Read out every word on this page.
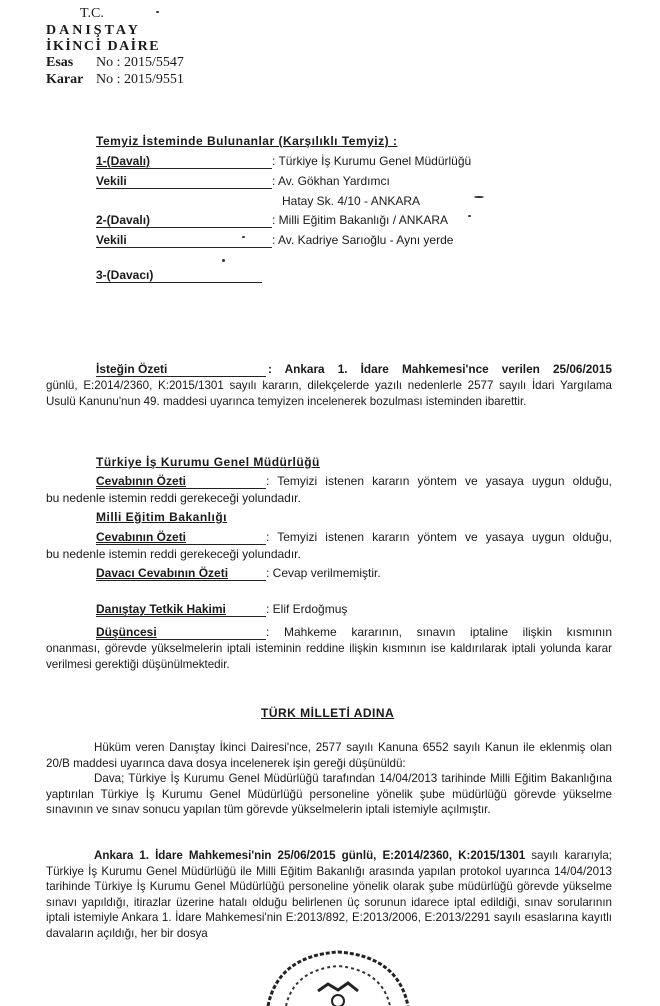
T.C.
DANIŞTAY
İKİNCİ DAİRE
Esas No : 2015/5547
Karar No : 2015/9551
Temyiz İsteminde Bulunanlar (Karşılıklı Temyiz) :
1-(Davalı)	: Türkiye İş Kurumu Genel Müdürlüğü
Vekili	: Av. Gökhan Yardımcı
Hatay Sk. 4/10 - ANKARA
2-(Davalı)	: Milli Eğitim Bakanlığı / ANKARA
Vekili	: Av. Kadriye Sarıoğlu - Aynı yerde
3-(Davacı)
İsteğin Özeti	: Ankara 1. İdare Mahkemesi'nce verilen 25/06/2015
günlü, E:2014/2360, K:2015/1301 sayılı kararın, dilekçelerde yazılı nedenlerle 2577 sayılı İdari Yargılama Usulü Kanunu'nun 49. maddesi uyarınca temyizen incelenerek bozulması isteminden ibarettir.
Türkiye İş Kurumu Genel Müdürlüğü
Cevabının Özeti	: Temyizi istenen kararın yöntem ve yasaya uygun olduğu,
bu nedenle istemin reddi gerekeceği yolundadır.
Milli Eğitim Bakanlığı
Cevabının Özeti	: Temyizi istenen kararın yöntem ve yasaya uygun olduğu,
bu nedenle istemin reddi gerekeceği yolundadır.
Davacı Cevabının Özeti	: Cevap verilmemiştir.
Danıştay Tetkik Hakimi	: Elif Erdoğmuş
Düşüncesi	: Mahkeme kararının, sınavın iptaline ilişkin kısmının
onanması, görevde yükselmelerin iptali isteminin reddine ilişkin kısmının ise kaldırılarak iptali yolunda karar verilmesi gerektiği düşünülmektedir.
TÜRK MİLLETİ ADINA
Hüküm veren Danıştay İkinci Dairesi'nce, 2577 sayılı Kanuna 6552 sayılı Kanun ile eklenmiş olan 20/B maddesi uyarınca dava dosya incelenerek işin gereği düşünüldü:
Dava; Türkiye İş Kurumu Genel Müdürlüğü tarafından 14/04/2013 tarihinde Milli Eğitim Bakanlığına yaptırılan Türkiye İş Kurumu Genel Müdürlüğü personeline yönelik şube müdürlüğü görevde yükselme sınavının ve sınav sonucu yapılan tüm görevde yükselmelerin iptali istemiyle açılmıştır.
Ankara 1. İdare Mahkemesi'nin 25/06/2015 günlü, E:2014/2360, K:2015/1301 sayılı kararıyla; Türkiye İş Kurumu Genel Müdürlüğü ile Milli Eğitim Bakanlığı arasında yapılan protokol uyarınca 14/04/2013 tarihinde Türkiye İş Kurumu Genel Müdürlüğü personeline yönelik olarak şube müdürlüğü görevde yükselme sınavı yapıldığı, itirazlar üzerine hatalı olduğu belirlenen üç sorunun idarece iptal edildiği, sınav sorularının iptali istemiyle Ankara 1. İdare Mahkemesi'nin E:2013/892, E:2013/2006, E:2013/2291 sayılı esaslarına kayıtlı davaların açıldığı, her bir dosya
